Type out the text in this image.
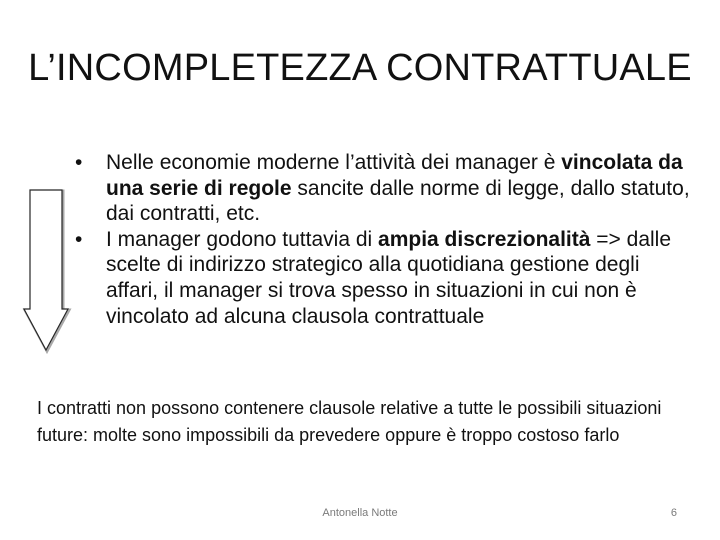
L’INCOMPLETEZZA CONTRATTUALE
• Nelle economie moderne l’attività dei manager è vincolata da una serie di regole sancite dalle norme di legge, dallo statuto, dai contratti, etc.
• I manager godono tuttavia di ampia discrezionalità => dalle scelte di indirizzo strategico alla quotidiana gestione degli affari, il manager si trova spesso in situazioni in cui non è vincolato ad alcuna clausola contrattuale

I contratti non possono contenere clausole relative a tutte le possibili situazioni future: molte sono impossibili da prevedere oppure è troppo costoso farlo

Antonella Notte	6
